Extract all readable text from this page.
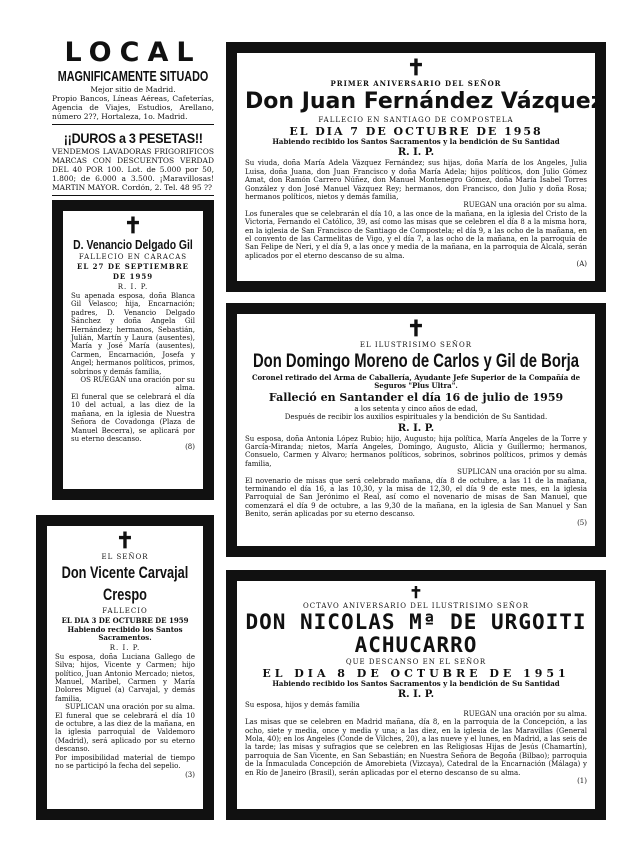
LOCAL
MAGNIFICAMENTE SITUADO
Mejor sitio de Madrid.
Propio Bancos, Líneas Aéreas, Cafeterías, Agencia de Viajes, Estudios, Arellano, número 2??, Hortaleza, 1o. Madrid.
¡¡DUROS a 3 PESETAS!!
VENDEMOS LAVADORAS FRIGORIFICOS MARCAS CON DESCUENTOS VERDAD DEL 40 POR 100. Lot. de 5.000 por 50, 1.800; de 6.000 a 3.500. ¡Maravillosas! MARTIN MAYOR. Cordón, 2. Tel. 48 95 ??
✝
D. Venancio Delgado Gil
FALLECIO EN CARACAS
EL 27 DE SEPTIEMBRE DE 1959
R. I. P.
Su apenada esposa, doña Blanca Gil Velasco; hija, Encarnación; padres, D. Venancio Delgado Sánchez y doña Angela Gil Hernández; hermanos, Sebastián, Julián, Martín y Laura (ausentes), María y José María (ausentes), Carmen, Encarnación, Josefa y Angel; hermanos políticos, primos, sobrinos y demás familia,
OS RUEGAN una oración por su alma.
El funeral que se celebrará el día 10 del actual, a las diez de la mañana, en la iglesia de Nuestra Señora de Covadonga (Plaza de Manuel Becerra), se aplicará por su eterno descanso.
(8)
✝
EL SEÑOR
Don Vicente Carvajal
Crespo
FALLECIO
EL DIA 3 DE OCTUBRE DE 1959
Habiendo recibido los Santos Sacramentos.
R. I. P.
Su esposa, doña Luciana Gallego de Silva; hijos, Vicente y Carmen; hijo político, Juan Antonio Mercado; nietos, Manuel, Maribel, Carmen y María Dolores Miguel (a) Carvajal, y demás familia,
SUPLICAN una oración por su alma.
El funeral que se celebrará el día 10 de octubre, a las diez de la mañana, en la iglesia parroquial de Valdemoro (Madrid), será aplicado por su eterno descanso.
Por imposibilidad material de tiempo no se participó la fecha del sepelio.
(3)
✝
PRIMER ANIVERSARIO DEL SEÑOR
Don Juan Fernández Vázquez
FALLECIO EN SANTIAGO DE COMPOSTELA
EL DIA 7 DE OCTUBRE DE 1958
Habiendo recibido los Santos Sacramentos y la bendición de Su Santidad
R. I. P.
Su viuda, doña María Adela Vázquez Fernández; sus hijas, doña María de los Angeles, Julia Luisa, doña Juana, don Juan Francisco y doña María Adela; hijos políticos, don Julio Gómez Amat, don Ramón Carrero Núñez, don Manuel Montenegro Gómez, doña María Isabel Torres González y don José Manuel Vázquez Rey; hermanos, don Francisco, don Julio y doña Rosa; hermanos políticos, nietos y demás familia,
RUEGAN una oración por su alma.
Los funerales que se celebrarán el día 10, a las once de la mañana, en la iglesia del Cristo de la Victoria, Fernando el Católico, 39, así como las misas que se celebren el día 8 a la misma hora, en la iglesia de San Francisco de Santiago de Compostela; el día 9, a las ocho de la mañana, en el convento de las Carmelitas de Vigo, y el día 7, a las ocho de la mañana, en la parroquia de San Felipe de Neri, y el día 9, a las once y media de la mañana, en la parroquia de Alcalá, serán aplicados por el eterno descanso de su alma.
(A)
✝
EL ILUSTRISIMO SEÑOR
Don Domingo Moreno de Carlos y Gil de Borja
Coronel retirado del Arma de Caballería, Ayudante Jefe Superior de la Compañía de Seguros "Plus Ultra".
Falleció en Santander el día 16 de julio de 1959
a los setenta y cinco años de edad,
Después de recibir los auxilios espirituales y la bendición de Su Santidad.
R. I. P.
Su esposa, doña Antonia López Rubio; hijo, Augusto; hija política, María Angeles de la Torre y García-Miranda; nietos, María Angeles, Domingo, Augusto, Alicia y Guillermo; hermanos, Consuelo, Carmen y Alvaro; hermanos políticos, sobrinos, sobrinos políticos, primos y demás familia,
SUPLICAN una oración por su alma.
El novenario de misas que será celebrado mañana, día 8 de octubre, a las 11 de la mañana, terminando el día 16, a las 10,30, y la misa de 12,30, el día 9 de este mes, en la iglesia Parroquial de San Jerónimo el Real, así como el novenario de misas de San Manuel, que comenzará el día 9 de octubre, a las 9,30 de la mañana, en la iglesia de San Manuel y San Benito, serán aplicadas por su eterno descanso.
(5)
✝
OCTAVO ANIVERSARIO DEL ILUSTRISIMO SEÑOR
DON NICOLAS Mª DE URGOITI
ACHUCARRO
QUE DESCANSO EN EL SEÑOR
EL DIA 8 DE OCTUBRE DE 1951
Habiendo recibido los Santos Sacramentos y la bendición de Su Santidad
R. I. P.
Su esposa, hijos y demás familia
RUEGAN una oración por su alma.
Las misas que se celebren en Madrid mañana, día 8, en la parroquia de la Concepción, a las ocho, siete y media, once y media y una; a las diez, en la iglesia de las Maravillas (General Mola, 40); en los Angeles (Conde de Vilches, 20), a las nueve y el lunes, en Madrid, a las seis de la tarde; las misas y sufragios que se celebren en las Religiosas Hijas de Jesús (Chamartín), parroquia de San Vicente, en San Sebastián; en Nuestra Señora de Begoña (Bilbao); parroquia de la Inmaculada Concepción de Amorebieta (Vizcaya), Catedral de la Encarnación (Málaga) y en Río de Janeiro (Brasil), serán aplicadas por el eterno descanso de su alma.
(1)
